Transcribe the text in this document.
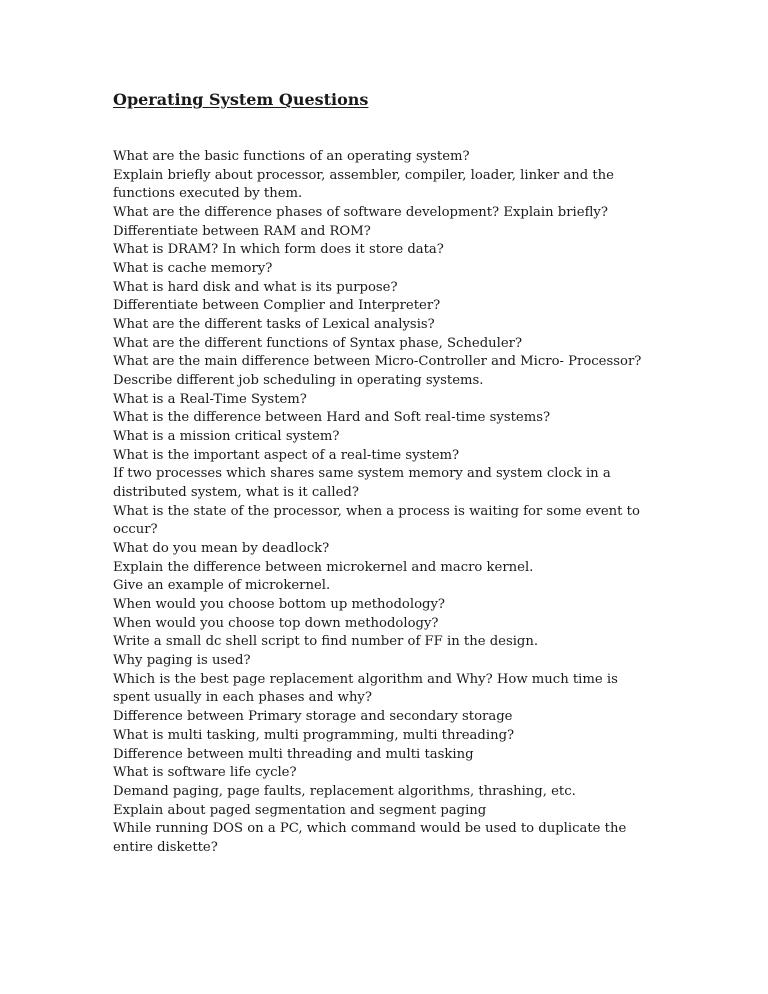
Operating System Questions
What are the basic functions of an operating system?
Explain briefly about processor, assembler, compiler, loader, linker and the
functions executed by them.
What are the difference phases of software development? Explain briefly?
Differentiate between RAM and ROM?
What is DRAM? In which form does it store data?
What is cache memory?
What is hard disk and what is its purpose?
Differentiate between Complier and Interpreter?
What are the different tasks of Lexical analysis?
What are the different functions of Syntax phase, Scheduler?
What are the main difference between Micro-Controller and Micro- Processor?
Describe different job scheduling in operating systems.
What is a Real-Time System?
What is the difference between Hard and Soft real-time systems?
What is a mission critical system?
What is the important aspect of a real-time system?
If two processes which shares same system memory and system clock in a
distributed system, what is it called?
What is the state of the processor, when a process is waiting for some event to
occur?
What do you mean by deadlock?
Explain the difference between microkernel and macro kernel.
Give an example of microkernel.
When would you choose bottom up methodology?
When would you choose top down methodology?
Write a small dc shell script to find number of FF in the design.
Why paging is used?
Which is the best page replacement algorithm and Why? How much time is
spent usually in each phases and why?
Difference between Primary storage and secondary storage
What is multi tasking, multi programming, multi threading?
Difference between multi threading and multi tasking
What is software life cycle?
Demand paging, page faults, replacement algorithms, thrashing, etc.
Explain about paged segmentation and segment paging
While running DOS on a PC, which command would be used to duplicate the
entire diskette?
